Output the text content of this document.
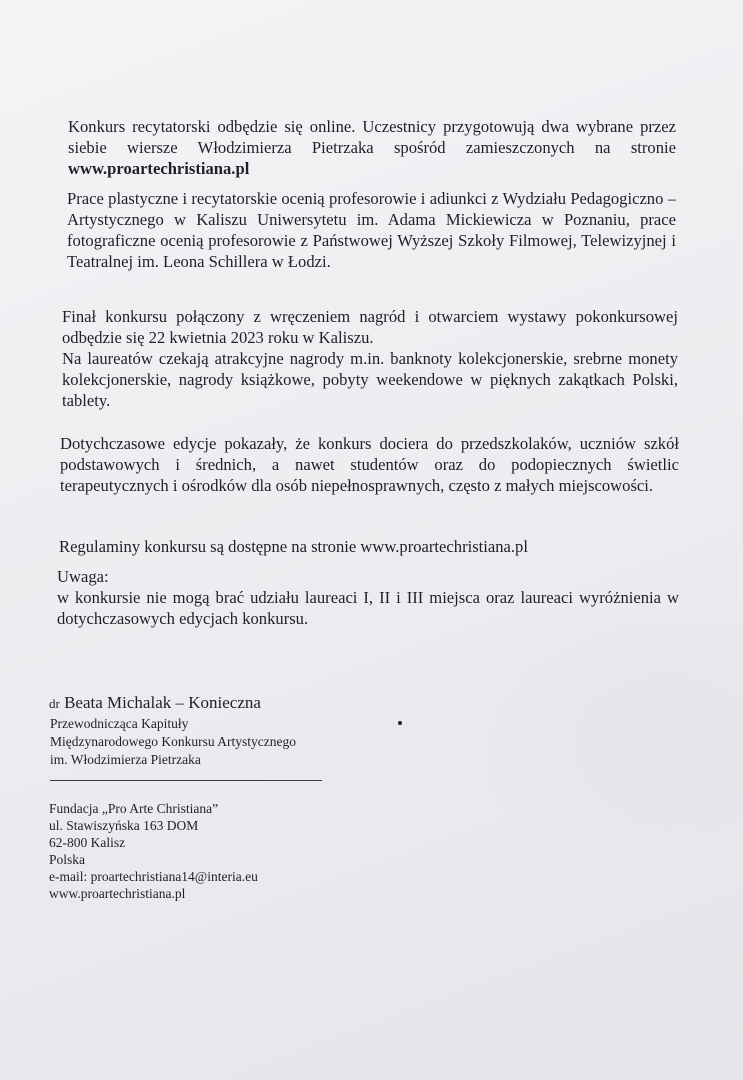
Konkurs recytatorski odbędzie się online. Uczestnicy przygotowują dwa wybrane przez siebie wiersze Włodzimierza Pietrzaka spośród zamieszczonych na stronie www.proartechristiana.pl
Prace plastyczne i recytatorskie ocenią profesorowie i adiunkci z Wydziału Pedagogiczno – Artystycznego w Kaliszu Uniwersytetu im. Adama Mickiewicza w Poznaniu, prace fotograficzne ocenią profesorowie z Państwowej Wyższej Szkoły Filmowej, Telewizyjnej i Teatralnej im. Leona Schillera w Łodzi.

Finał konkursu połączony z wręczeniem nagród i otwarciem wystawy pokonkursowej odbędzie się 22 kwietnia 2023 roku w Kaliszu.

Na laureatów czekają atrakcyjne nagrody m.in. banknoty kolekcjonerskie, srebrne monety kolekcjonerskie, nagrody książkowe, pobyty weekendowe w pięknych zakątkach Polski, tablety.

Dotychczasowe edycje pokazały, że konkurs dociera do przedszkolaków, uczniów szkół podstawowych i średnich, a nawet studentów oraz do podopiecznych świetlic terapeutycznych i ośrodków dla osób niepełnosprawnych, często z małych miejscowości.
Regulaminy konkursu są dostępne na stronie www.proartechristiana.pl

Uwaga:

w konkursie nie mogą brać udziału laureaci I, II i III miejsca oraz laureaci wyróżnienia w dotychczasowych edycjach konkursu.

dr Beata Michalak – Konieczna

Przewodnicząca Kapituły

Międzynarodowego Konkursu Artystycznego

im. Włodzimierza Pietrzaka

Fundacja „Pro Arte Christiana”

ul. Stawiszyńska 163 DOM

62-800 Kalisz

Polska

e-mail: proartechristiana14@interia.eu

www.proartechristiana.pl
